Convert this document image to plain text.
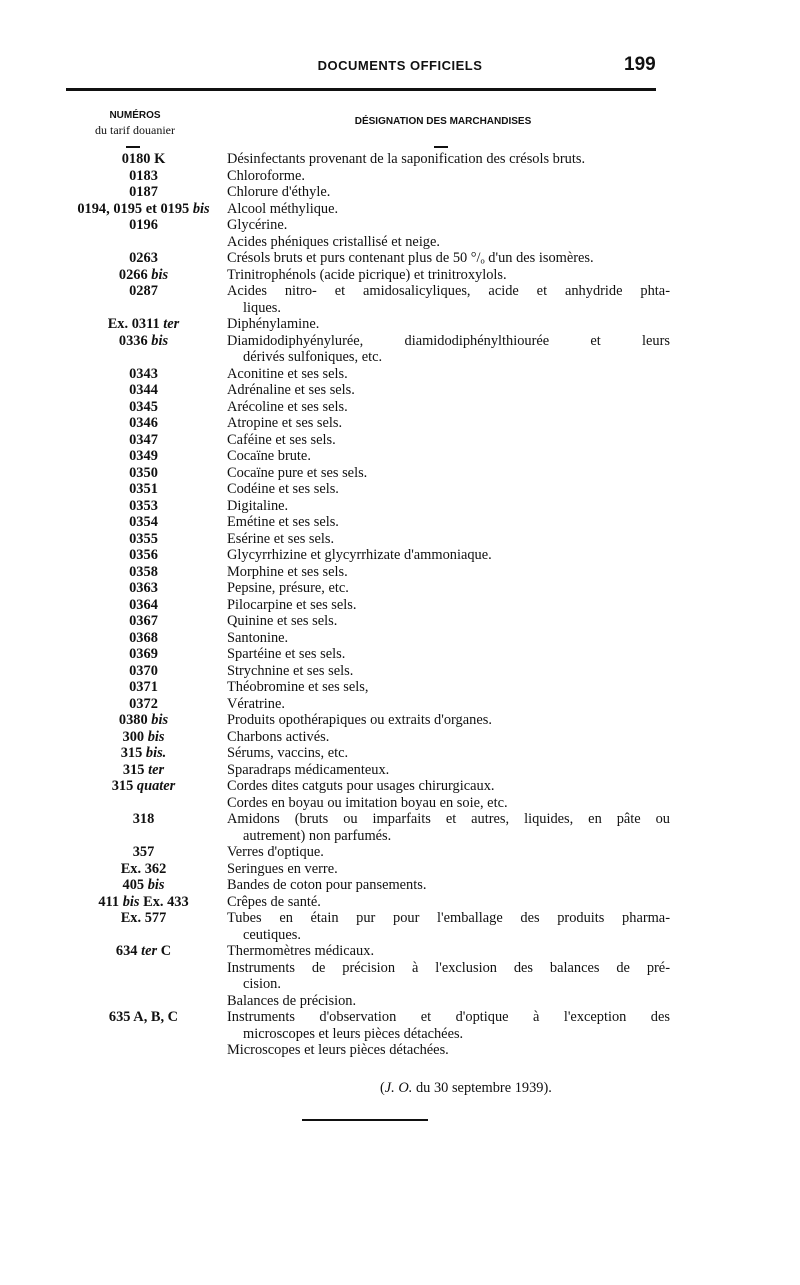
DOCUMENTS OFFICIELS	199
NUMÉROS
du tarif douanier
DÉSIGNATION DES MARCHANDISES
0180 K	Désinfectants provenant de la saponification des crésols bruts.
0183	Chloroforme.
0187	Chlorure d'éthyle.
0194, 0195 et 0195 bis	Alcool méthylique.
0196	Glycérine.
Acides phéniques cristallisé et neige.
0263	Crésols bruts et purs contenant plus de 50 °/ₒ d'un des isomères.
0266 bis	Trinitrophénols (acide picrique) et trinitroxylols.
0287	Acides nitro- et amidosalicyliques, acide et anhydride phta-
liques.
Ex. 0311 ter	Diphénylamine.
0336 bis	Diamidodiphyénylurée, diamidodiphénylthiourée et leurs
dérivés sulfoniques, etc.
0343	Aconitine et ses sels.
0344	Adrénaline et ses sels.
0345	Arécoline et ses sels.
0346	Atropine et ses sels.
0347	Caféine et ses sels.
0349	Cocaïne brute.
0350	Cocaïne pure et ses sels.
0351	Codéine et ses sels.
0353	Digitaline.
0354	Emétine et ses sels.
0355	Esérine et ses sels.
0356	Glycyrrhizine et glycyrrhizate d'ammoniaque.
0358	Morphine et ses sels.
0363	Pepsine, présure, etc.
0364	Pilocarpine et ses sels.
0367	Quinine et ses sels.
0368	Santonine.
0369	Spartéine et ses sels.
0370	Strychnine et ses sels.
0371	Théobromine et ses sels,
0372	Vératrine.
0380 bis	Produits opothérapiques ou extraits d'organes.
300 bis	Charbons activés.
315 bis.	Sérums, vaccins, etc.
315 ter	Sparadraps médicamenteux.
315 quater	Cordes dites catguts pour usages chirurgicaux.
Cordes en boyau ou imitation boyau en soie, etc.
318	Amidons (bruts ou imparfaits et autres, liquides, en pâte ou
autrement) non parfumés.
357	Verres d'optique.
Ex. 362	Seringues en verre.
405 bis	Bandes de coton pour pansements.
411 bis Ex. 433	Crêpes de santé.
Ex. 577	Tubes en étain pur pour l'emballage des produits pharma-
ceutiques.
634 ter C	Thermomètres médicaux.
Instruments de précision à l'exclusion des balances de pré-
cision.
Balances de précision.
635 A, B, C	Instruments d'observation et d'optique à l'exception des
microscopes et leurs pièces détachées.
Microscopes et leurs pièces détachées.
(J. O. du 30 septembre 1939).
